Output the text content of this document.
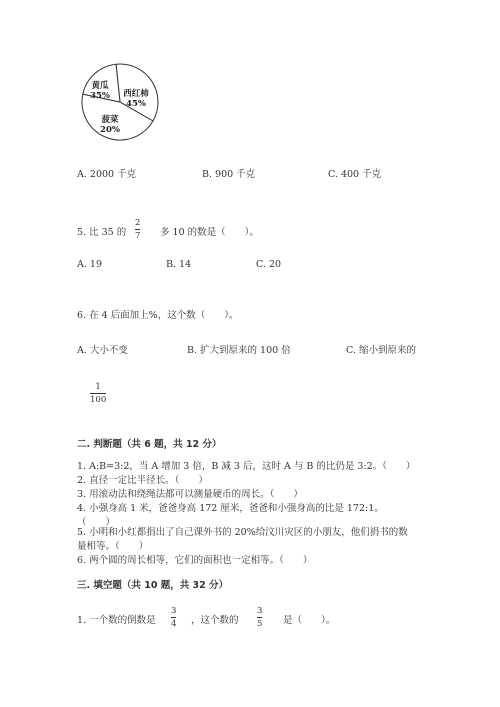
黄瓜
35% 西红柿
45%
菠菜
20%
A. 2000 千克	B. 900 千克	C. 400 千克
5. 比 35 的
2
7 多 10 的数是（　　）。
A. 19	B. 14	C. 20
6. 在 4 后面加上%，这个数（　　）。
A. 大小不变	B. 扩大到原来的 100 倍	C. 缩小到原来的
1
100
二. 判断题（共 6 题，共 12 分）
1. A:B=3:2，当 A 增加 3 倍，B 减 3 后，这时 A 与 B 的比仍是 3:2。（　　）
2. 直径一定比半径长。（　　）
3. 用滚动法和绕绳法都可以测量硬币的周长。（　　）
4. 小强身高 1 米，爸爸身高 172 厘米，爸爸和小强身高的比是 172:1。
（　　）
5. 小明和小红都捐出了自己课外书的 20%给汶川灾区的小朋友，他们捐书的数
量相等。（　　）
6. 两个圆的周长相等，它们的面积也一定相等。（　　）
三. 填空题（共 10 题，共 32 分）
1. 一个数的倒数是
3
4 ，这个数的
3
5 是（　　）。
